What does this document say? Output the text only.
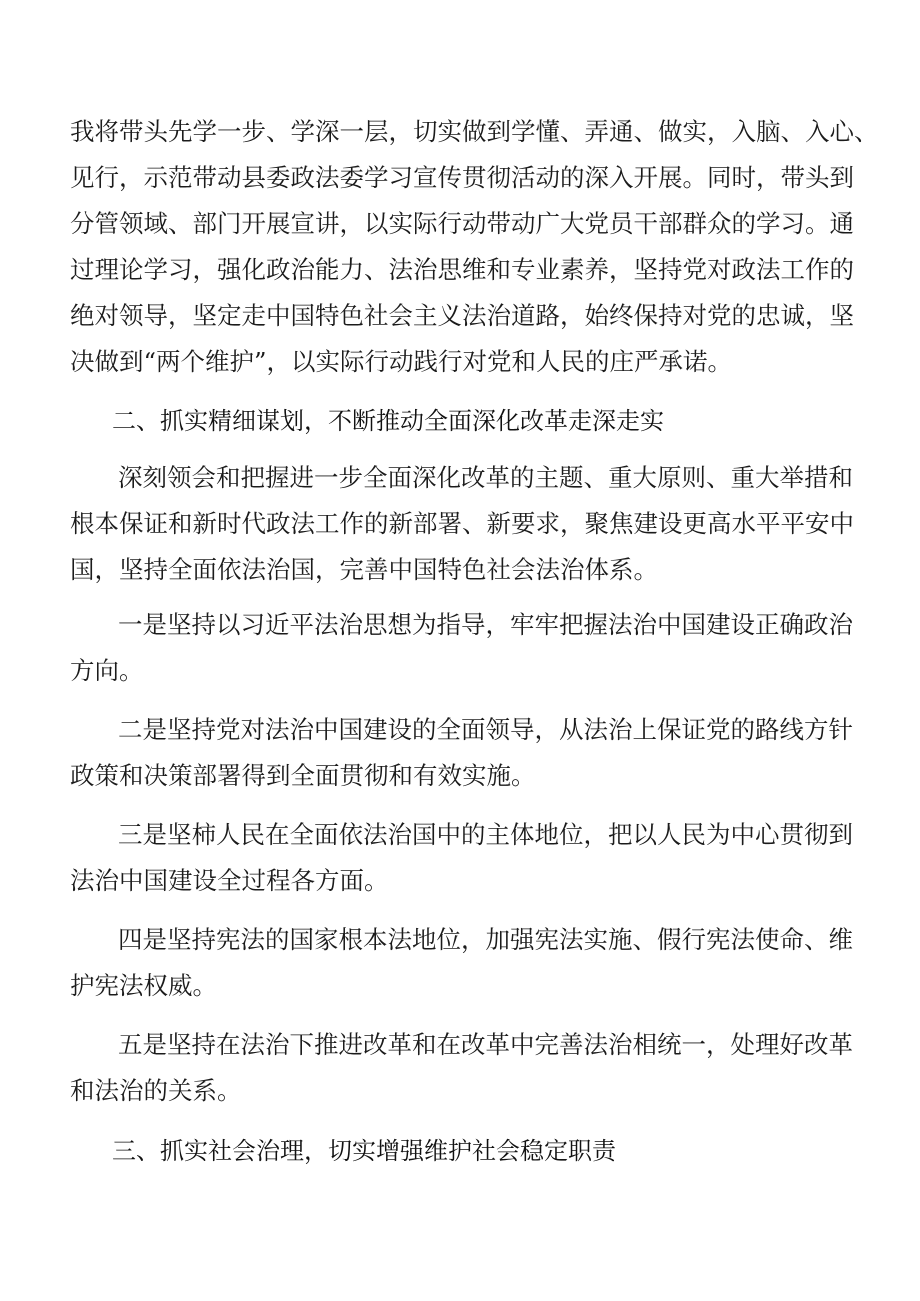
我将带头先学一步、学深一层，切实做到学懂、弄通、做实，入脑、入心、
见行，示范带动县委政法委学习宣传贯彻活动的深入开展。同时，带头到
分管领域、部门开展宣讲，以实际行动带动广大党员干部群众的学习。通
过理论学习，强化政治能力、法治思维和专业素养，坚持党对政法工作的
绝对领导，坚定走中国特色社会主义法治道路，始终保持对党的忠诚，坚
决做到“两个维护”，以实际行动践行对党和人民的庄严承诺。
二、抓实精细谋划，不断推动全面深化改革走深走实
深刻领会和把握进一步全面深化改革的主题、重大原则、重大举措和
根本保证和新时代政法工作的新部署、新要求，聚焦建设更高水平平安中
国，坚持全面依法治国，完善中国特色社会法治体系。
一是坚持以习近平法治思想为指导，牢牢把握法治中国建设正确政治
方向。
二是坚持党对法治中国建设的全面领导，从法治上保证党的路线方针
政策和决策部署得到全面贯彻和有效实施。
三是坚柿人民在全面依法治国中的主体地位，把以人民为中心贯彻到
法治中国建设全过程各方面。
四是坚持宪法的国家根本法地位，加强宪法实施、假行宪法使命、维
护宪法权威。
五是坚持在法治下推进改革和在改革中完善法治相统一，处理好改革
和法治的关系。
三、抓实社会治理，切实增强维护社会稳定职责
